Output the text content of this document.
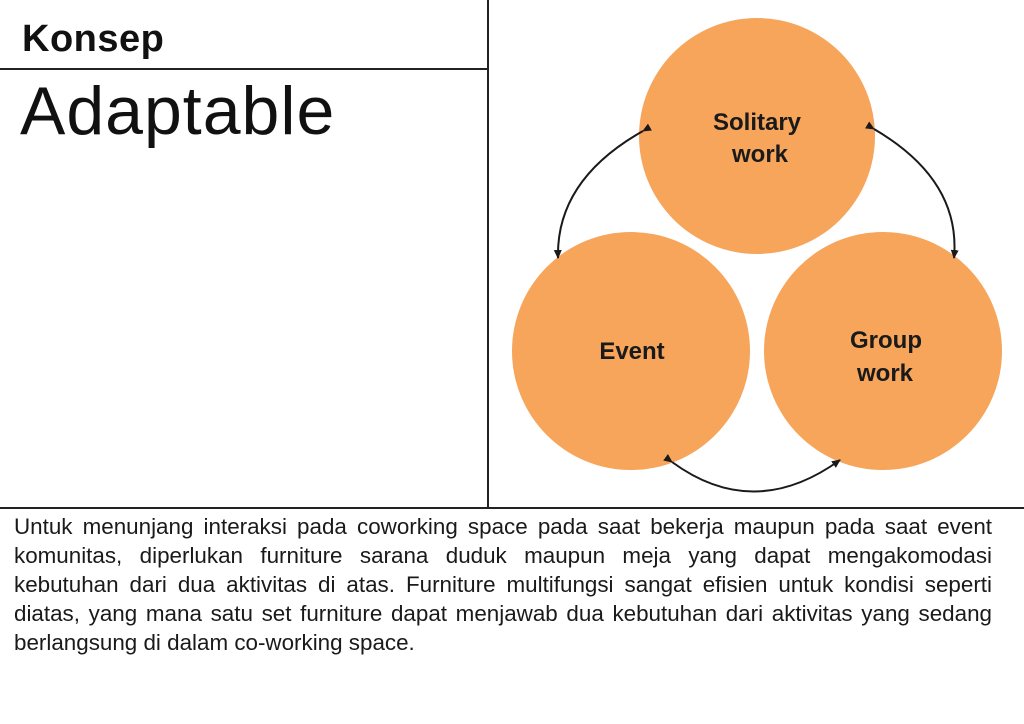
Konsep
Adaptable	Solitary
work
Group
work
Event
Untuk menunjang interaksi pada coworking space pada saat bekerja maupun pada saat event komunitas, diperlukan furniture sarana duduk maupun meja yang dapat mengakomodasi kebutuhan dari dua aktivitas di atas. Furniture multifungsi sangat efisien untuk kondisi seperti diatas, yang mana satu set furniture dapat menjawab dua kebutuhan dari aktivitas yang sedang berlangsung di dalam co-working space.
